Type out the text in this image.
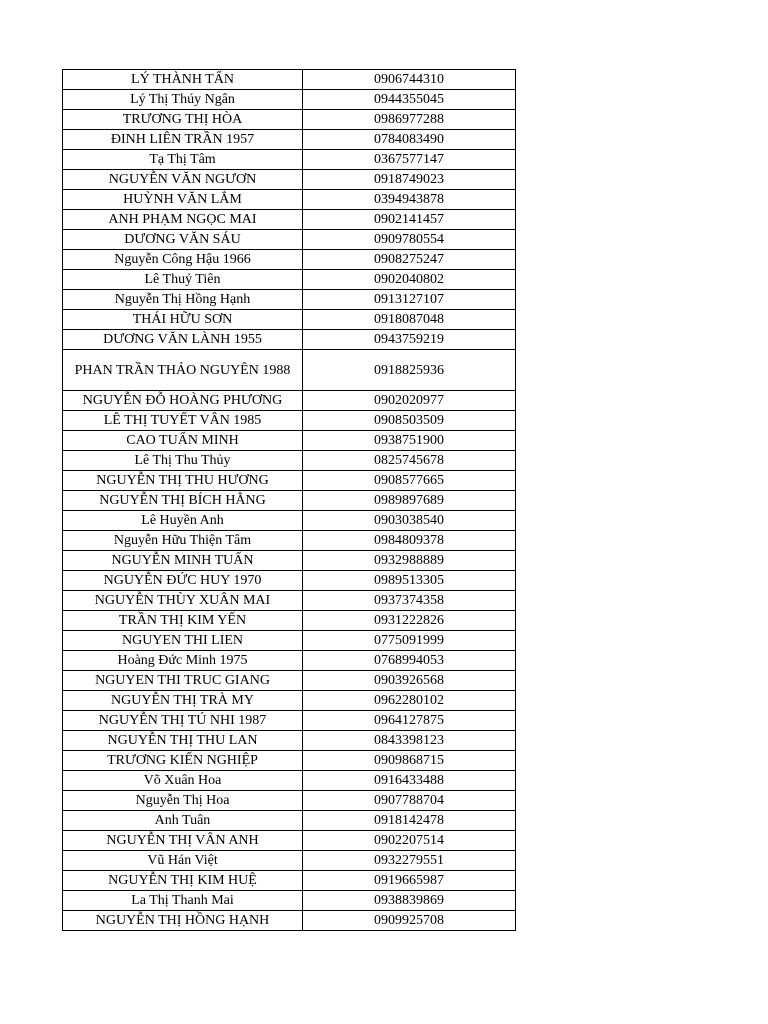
LÝ THÀNH TẤN	0906744310
Lý Thị Thúy Ngân	0944355045
TRƯƠNG THỊ HÒA	0986977288
ĐINH LIÊN TRẦN 1957	0784083490
Tạ Thị Tâm	0367577147
NGUYỄN VĂN NGƯƠN	0918749023
HUỲNH VĂN LẮM	0394943878
ANH PHẠM NGỌC MAI	0902141457
DƯƠNG VĂN SÁU	0909780554
Nguyễn Công Hậu 1966	0908275247
Lê Thuỷ Tiên	0902040802
Nguyễn Thị Hồng Hạnh	0913127107
THÁI HỮU SƠN	0918087048
DƯƠNG VĂN LÀNH 1955	0943759219
PHAN TRẦN THẢO NGUYÊN 1988	0918825936
NGUYỄN ĐỖ HOÀNG PHƯƠNG	0902020977
LÊ THỊ TUYẾT VÂN 1985	0908503509
CAO TUẤN MINH	0938751900
Lê Thị Thu Thủy	0825745678
NGUYỄN THỊ THU HƯƠNG	0908577665
NGUYỄN THỊ BÍCH HẰNG	0989897689
Lê Huyền Anh	0903038540
Nguyễn Hữu Thiện Tâm	0984809378
NGUYỄN MINH TUẤN	0932988889
NGUYỄN ĐỨC HUY 1970	0989513305
NGUYỄN THÙY XUÂN MAI	0937374358
TRẦN THỊ KIM YẾN	0931222826
NGUYEN THI LIEN	0775091999
Hoàng Đức Minh 1975	0768994053
NGUYEN THI TRUC GIANG	0903926568
NGUYỄN THỊ TRÀ MY	0962280102
NGUYỄN THỊ TÚ NHI 1987	0964127875
NGUYỄN THỊ THU LAN	0843398123
TRƯƠNG KIẾN NGHIỆP	0909868715
Võ Xuân Hoa	0916433488
Nguyễn Thị Hoa	0907788704
Anh Tuân	0918142478
NGUYỄN THỊ VÂN ANH	0902207514
Vũ Hán Việt	0932279551
NGUYỄN THỊ KIM HUỆ	0919665987
La Thị Thanh Mai	0938839869
NGUYỄN THỊ HỒNG HẠNH	0909925708
